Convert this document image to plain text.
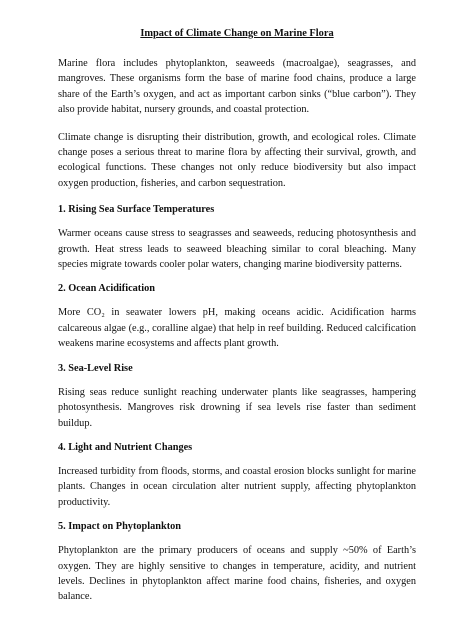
Impact of Climate Change on Marine Flora

Marine flora includes phytoplankton, seaweeds (macroalgae), seagrasses, and mangroves. These organisms form the base of marine food chains, produce a large share of the Earth’s oxygen, and act as important carbon sinks (“blue carbon”). They also provide habitat, nursery grounds, and coastal protection.

Climate change is disrupting their distribution, growth, and ecological roles. Climate change poses a serious threat to marine flora by affecting their survival, growth, and ecological functions. These changes not only reduce biodiversity but also impact oxygen production, fisheries, and carbon sequestration.

1. Rising Sea Surface Temperatures

Warmer oceans cause stress to seagrasses and seaweeds, reducing photosynthesis and growth. Heat stress leads to seaweed bleaching similar to coral bleaching. Many species migrate towards cooler polar waters, changing marine biodiversity patterns.

2. Ocean Acidification

More CO₂ in seawater lowers pH, making oceans acidic. Acidification harms calcareous algae (e.g., coralline algae) that help in reef building. Reduced calcification weakens marine ecosystems and affects plant growth.

3. Sea-Level Rise

Rising seas reduce sunlight reaching underwater plants like seagrasses, hampering photosynthesis. Mangroves risk drowning if sea levels rise faster than sediment buildup.

4. Light and Nutrient Changes

Increased turbidity from floods, storms, and coastal erosion blocks sunlight for marine plants. Changes in ocean circulation alter nutrient supply, affecting phytoplankton productivity.

5. Impact on Phytoplankton

Phytoplankton are the primary producers of oceans and supply ~50% of Earth’s oxygen. They are highly sensitive to changes in temperature, acidity, and nutrient levels. Declines in phytoplankton affect marine food chains, fisheries, and oxygen balance.
